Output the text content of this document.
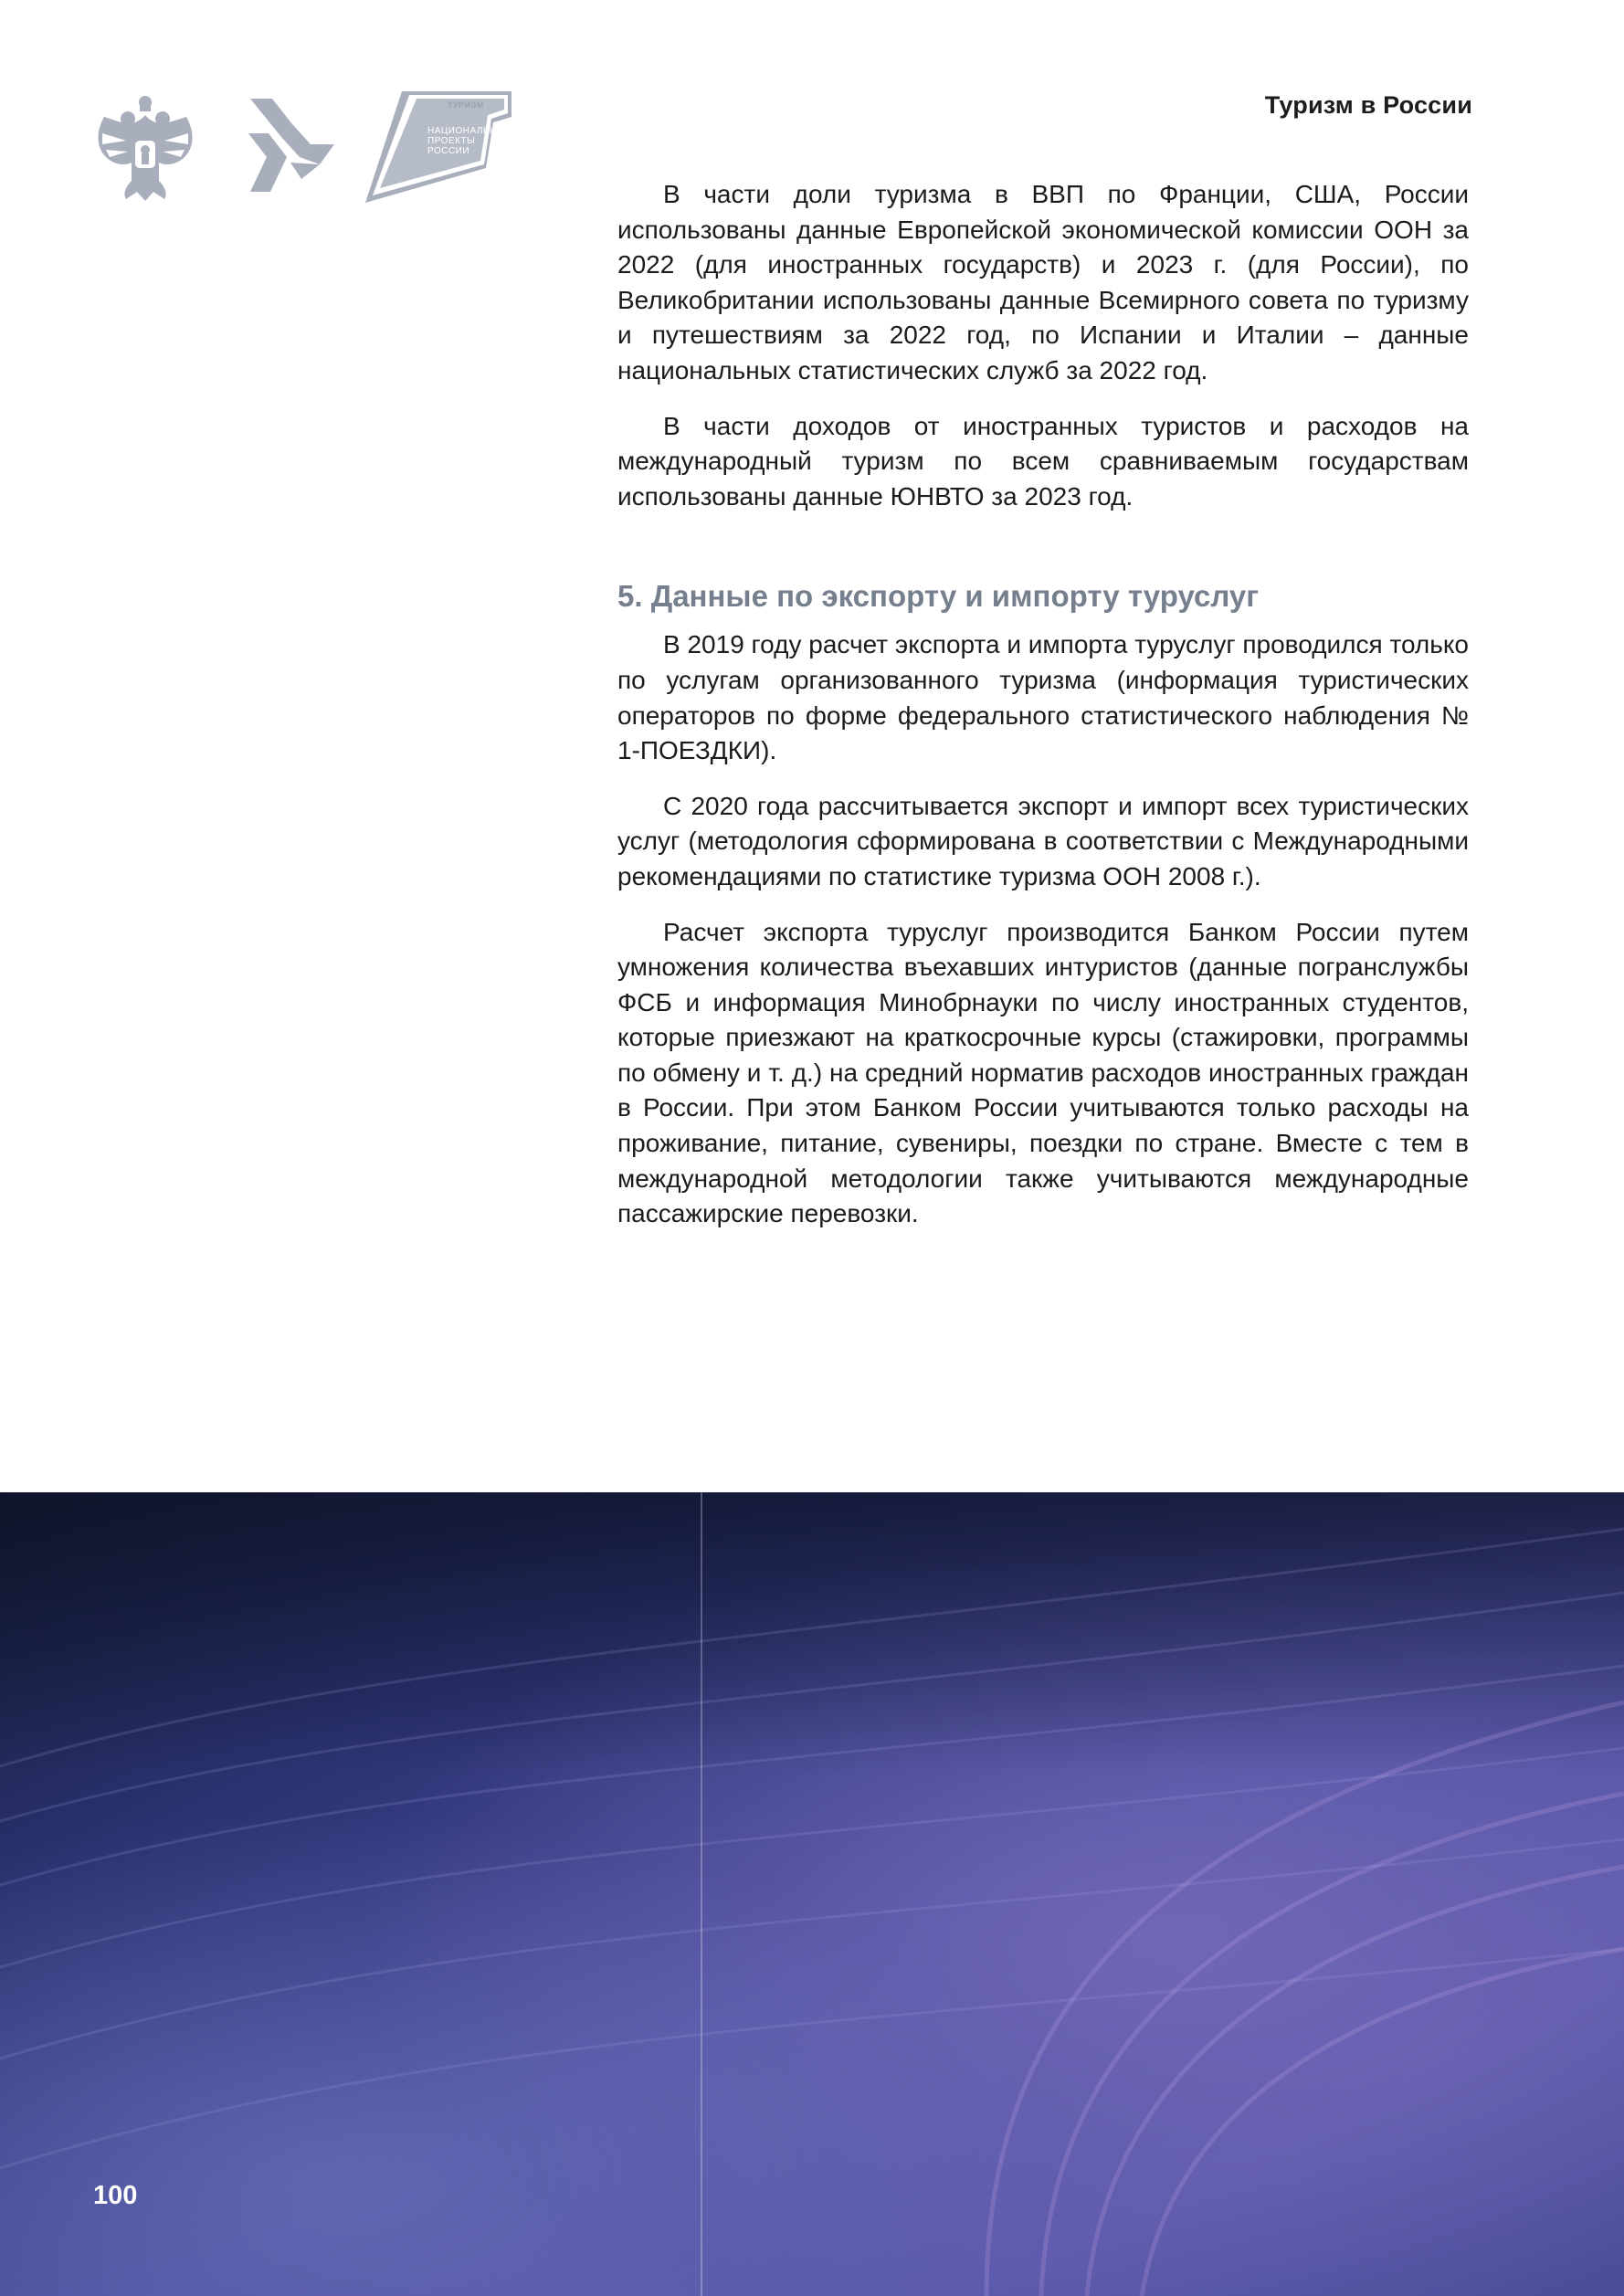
ТУРИЗМ
НАЦИОНАЛЬНЫЕ ПРОЕКТЫ РОССИИ
Туризм в России

В части доли туризма в ВВП по Франции, США, России использованы данные Европейской экономической комиссии ООН за 2022 (для иностранных государств) и 2023 г. (для России), по Великобритании использованы данные Всемирного совета по туризму и путешествиям за 2022 год, по Испании и Италии – данные национальных статистических служб за 2022 год.

В части доходов от иностранных туристов и расходов на международный туризм по всем сравниваемым государствам использованы данные ЮНВТО за 2023 год.

5. Данные по экспорту и импорту туруслуг

В 2019 году расчет экспорта и импорта туруслуг проводился только по услугам организованного туризма (информация туристических операторов по форме федерального статистического наблюдения № 1-ПОЕЗДКИ).

С 2020 года рассчитывается экспорт и импорт всех туристических услуг (методология сформирована в соответствии с Международными рекомендациями по статистике туризма ООН 2008 г.).

Расчет экспорта туруслуг производится Банком России путем умножения количества въехавших интуристов (данные погранслужбы ФСБ и информация Минобрнауки по числу иностранных студентов, которые приезжают на краткосрочные курсы (стажировки, программы по обмену и т. д.) на средний норматив расходов иностранных граждан в России. При этом Банком России учитываются только расходы на проживание, питание, сувениры, поездки по стране. Вместе с тем в международной методологии также учитываются международные пассажирские перевозки.

100
